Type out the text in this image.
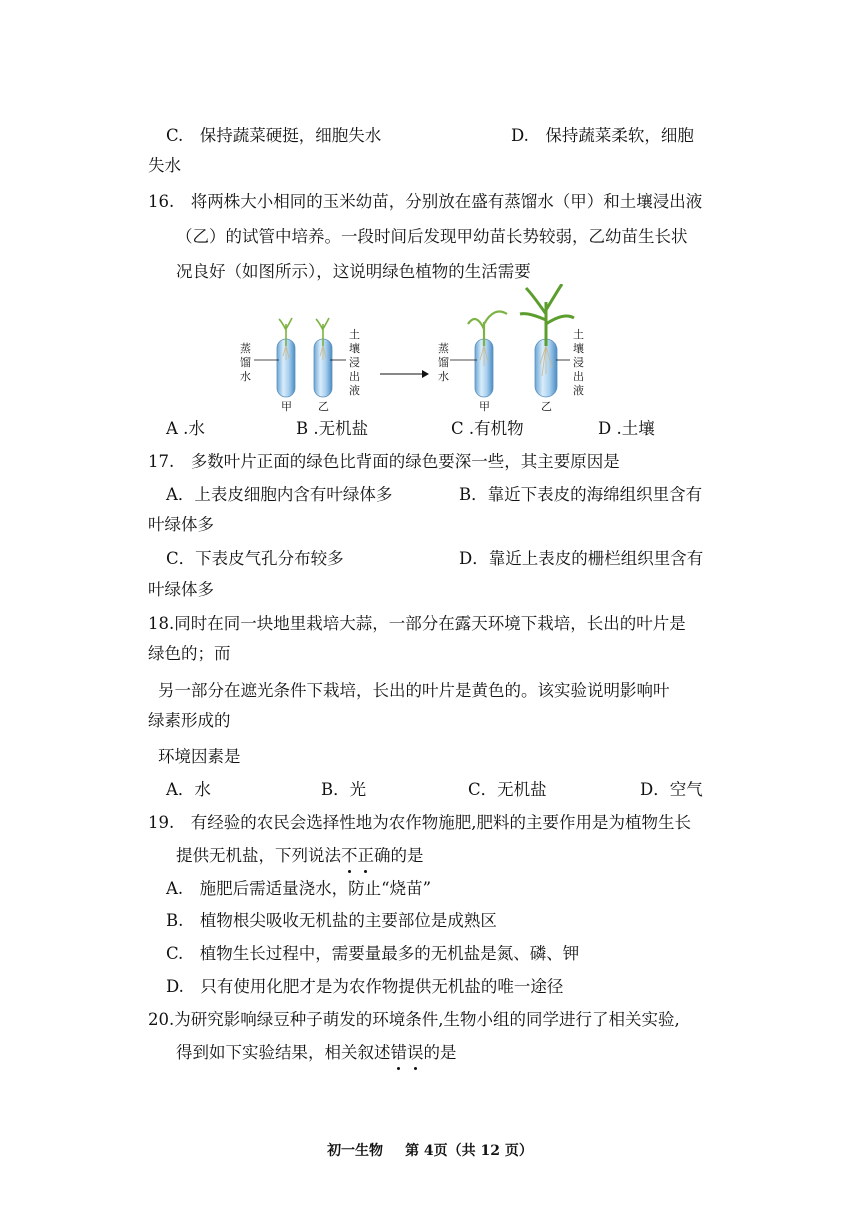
C.　保持蔬菜硬挺，细胞失水	D.　保持蔬菜柔软，细胞
失水
16.　将两株大小相同的玉米幼苗，分别放在盛有蒸馏水（甲）和土壤浸出液
（乙）的试管中培养。一段时间后发现甲幼苗长势较弱，乙幼苗生长状
况良好（如图所示），这说明绿色植物的生活需要
蒸
馏
水
土
壤
浸
出
液
甲 乙
蒸
馏
水
土
壤
浸
出
液
甲	乙
A .水	B .无机盐	C .有机物	D .土壤
17.　多数叶片正面的绿色比背面的绿色要深一些，其主要原因是
A．上表皮细胞内含有叶绿体多	B．靠近下表皮的海绵组织里含有
叶绿体多
C．下表皮气孔分布较多	D．靠近上表皮的栅栏组织里含有
叶绿体多
18.同时在同一块地里栽培大蒜，一部分在露天环境下栽培，长出的叶片是
绿色的；而
另一部分在遮光条件下栽培，长出的叶片是黄色的。该实验说明影响叶
绿素形成的
环境因素是
A．水	B．光	C．无机盐	D．空气
19.　有经验的农民会选择性地为农作物施肥,肥料的主要作用是为植物生长
提供无机盐，下列说法不正确的是
A.　施肥后需适量浇水，防止“烧苗”
B.　植物根尖吸收无机盐的主要部位是成熟区
C.　植物生长过程中，需要量最多的无机盐是氮、磷、钾
D.　只有使用化肥才是为农作物提供无机盐的唯一途径
20.为研究影响绿豆种子萌发的环境条件,生物小组的同学进行了相关实验,
得到如下实验结果，相关叙述错误的是
初一生物 第 4页（共 12 页）
